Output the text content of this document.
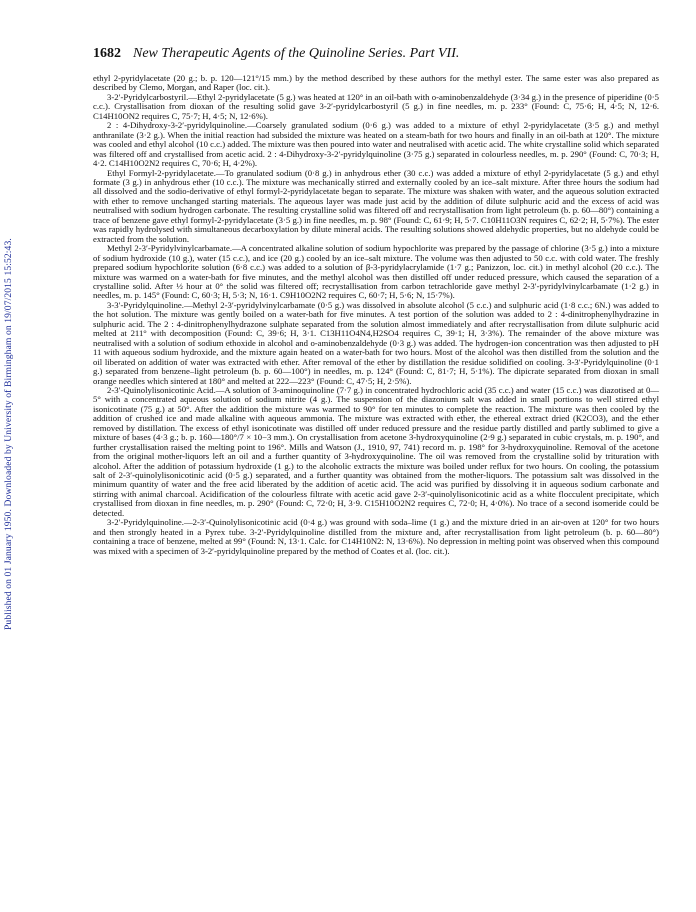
Published on 01 January 1950. Downloaded by University of Birmingham on 19/07/2015 15:52:43.
1682 New Therapeutic Agents of the Quinoline Series. Part VII.

ethyl 2-pyridylacetate (20 g.; b. p. 120—121°/15 mm.) by the method described by these authors for the methyl ester. The same ester was also prepared as described by Clemo, Morgan, and Raper (loc. cit.).

3-2′-Pyridylcarbostyril.—Ethyl 2-pyridylacetate (5 g.) was heated at 120° in an oil-bath with o-aminobenzaldehyde (3·34 g.) in the presence of piperidine (0·5 c.c.). Crystallisation from dioxan of the resulting solid gave 3-2′-pyridylcarbostyril (5 g.) in fine needles, m. p. 233° (Found: C, 75·6; H, 4·5; N, 12·6. C14H10ON2 requires C, 75·7; H, 4·5; N, 12·6%).

2 : 4-Dihydroxy-3-2′-pyridylquinoline.—Coarsely granulated sodium (0·6 g.) was added to a mixture of ethyl 2-pyridylacetate (3·5 g.) and methyl anthranilate (3·2 g.). When the initial reaction had subsided the mixture was heated on a steam-bath for two hours and finally in an oil-bath at 120°. The mixture was cooled and ethyl alcohol (10 c.c.) added. The mixture was then poured into water and neutralised with acetic acid. The white crystalline solid which separated was filtered off and crystallised from acetic acid. 2 : 4-Dihydroxy-3-2′-pyridylquinoline (3·75 g.) separated in colourless needles, m. p. 290° (Found: C, 70·3; H, 4·2. C14H10O2N2 requires C, 70·6; H, 4·2%).

Ethyl Formyl-2-pyridylacetate.—To granulated sodium (0·8 g.) in anhydrous ether (30 c.c.) was added a mixture of ethyl 2-pyridylacetate (5 g.) and ethyl formate (3 g.) in anhydrous ether (10 c.c.). The mixture was mechanically stirred and externally cooled by an ice–salt mixture. After three hours the sodium had all dissolved and the sodio-derivative of ethyl formyl-2-pyridylacetate began to separate. The mixture was shaken with water, and the aqueous solution extracted with ether to remove unchanged starting materials. The aqueous layer was made just acid by the addition of dilute sulphuric acid and the excess of acid was neutralised with sodium hydrogen carbonate. The resulting crystalline solid was filtered off and recrystallisation from light petroleum (b. p. 60—80°) containing a trace of benzene gave ethyl formyl-2-pyridylacetate (3·5 g.) in fine needles, m. p. 98° (Found: C, 61·9; H, 5·7. C10H11O3N requires C, 62·2; H, 5·7%). The ester was rapidly hydrolysed with simultaneous decarboxylation by dilute mineral acids. The resulting solutions showed aldehydic properties, but no aldehyde could be extracted from the solution.

Methyl 2-3′-Pyridylvinylcarbamate.—A concentrated alkaline solution of sodium hypochlorite was prepared by the passage of chlorine (3·5 g.) into a mixture of sodium hydroxide (10 g.), water (15 c.c.), and ice (20 g.) cooled by an ice–salt mixture. The volume was then adjusted to 50 c.c. with cold water. The freshly prepared sodium hypochlorite solution (6·8 c.c.) was added to a solution of β-3-pyridylacrylamide (1·7 g.; Panizzon, loc. cit.) in methyl alcohol (20 c.c.). The mixture was warmed on a water-bath for five minutes, and the methyl alcohol was then distilled off under reduced pressure, which caused the separation of a crystalline solid. After ½ hour at 0° the solid was filtered off; recrystallisation from carbon tetrachloride gave methyl 2-3′-pyridylvinylcarbamate (1·2 g.) in needles, m. p. 145° (Found: C, 60·3; H, 5·3; N, 16·1. C9H10O2N2 requires C, 60·7; H, 5·6; N, 15·7%).

3-3′-Pyridylquinoline.—Methyl 2-3′-pyridylvinylcarbamate (0·5 g.) was dissolved in absolute alcohol (5 c.c.) and sulphuric acid (1·8 c.c.; 6N.) was added to the hot solution. The mixture was gently boiled on a water-bath for five minutes. A test portion of the solution was added to 2 : 4-dinitrophenylhydrazine in sulphuric acid. The 2 : 4-dinitrophenylhydrazone sulphate separated from the solution almost immediately and after recrystallisation from dilute sulphuric acid melted at 211° with decomposition (Found: C, 39·6; H, 3·1. C13H11O4N4,H2SO4 requires C, 39·1; H, 3·3%). The remainder of the above mixture was neutralised with a solution of sodium ethoxide in alcohol and o-aminobenzaldehyde (0·3 g.) was added. The hydrogen-ion concentration was then adjusted to pH 11 with aqueous sodium hydroxide, and the mixture again heated on a water-bath for two hours. Most of the alcohol was then distilled from the solution and the oil liberated on addition of water was extracted with ether. After removal of the ether by distillation the residue solidified on cooling. 3-3′-Pyridylquinoline (0·1 g.) separated from benzene–light petroleum (b. p. 60—100°) in needles, m. p. 124° (Found: C, 81·7; H, 5·1%). The dipicrate separated from dioxan in small orange needles which sintered at 180° and melted at 222—223° (Found: C, 47·5; H, 2·5%).

2-3′-Quinolylisonicotinic Acid.—A solution of 3-aminoquinoline (7·7 g.) in concentrated hydrochloric acid (35 c.c.) and water (15 c.c.) was diazotised at 0—5° with a concentrated aqueous solution of sodium nitrite (4 g.). The suspension of the diazonium salt was added in small portions to well stirred ethyl isonicotinate (75 g.) at 50°. After the addition the mixture was warmed to 90° for ten minutes to complete the reaction. The mixture was then cooled by the addition of crushed ice and made alkaline with aqueous ammonia. The mixture was extracted with ether, the ethereal extract dried (K2CO3), and the ether removed by distillation. The excess of ethyl isonicotinate was distilled off under reduced pressure and the residue partly distilled and partly sublimed to give a mixture of bases (4·3 g.; b. p. 160—180°/7 × 10−3 mm.). On crystallisation from acetone 3-hydroxyquinoline (2·9 g.) separated in cubic crystals, m. p. 190°, and further crystallisation raised the melting point to 196°. Mills and Watson (J., 1910, 97, 741) record m. p. 198° for 3-hydroxyquinoline. Removal of the acetone from the original mother-liquors left an oil and a further quantity of 3-hydroxyquinoline. The oil was removed from the crystalline solid by trituration with alcohol. After the addition of potassium hydroxide (1 g.) to the alcoholic extracts the mixture was boiled under reflux for two hours. On cooling, the potassium salt of 2-3′-quinolylisonicotinic acid (0·5 g.) separated, and a further quantity was obtained from the mother-liquors. The potassium salt was dissolved in the minimum quantity of water and the free acid liberated by the addition of acetic acid. The acid was purified by dissolving it in aqueous sodium carbonate and stirring with animal charcoal. Acidification of the colourless filtrate with acetic acid gave 2-3′-quinolylisonicotinic acid as a white flocculent precipitate, which crystallised from dioxan in fine needles, m. p. 290° (Found: C, 72·0; H, 3·9. C15H10O2N2 requires C, 72·0; H, 4·0%). No trace of a second isomeride could be detected.

3-2′-Pyridylquinoline.—2-3′-Quinolylisonicotinic acid (0·4 g.) was ground with soda–lime (1 g.) and the mixture dried in an air-oven at 120° for two hours and then strongly heated in a Pyrex tube. 3-2′-Pyridylquinoline distilled from the mixture and, after recrystallisation from light petroleum (b. p. 60—80°) containing a trace of benzene, melted at 99° (Found: N, 13·1. Calc. for C14H10N2: N, 13·6%). No depression in melting point was observed when this compound was mixed with a specimen of 3-2′-pyridylquinoline prepared by the method of Coates et al. (loc. cit.).
